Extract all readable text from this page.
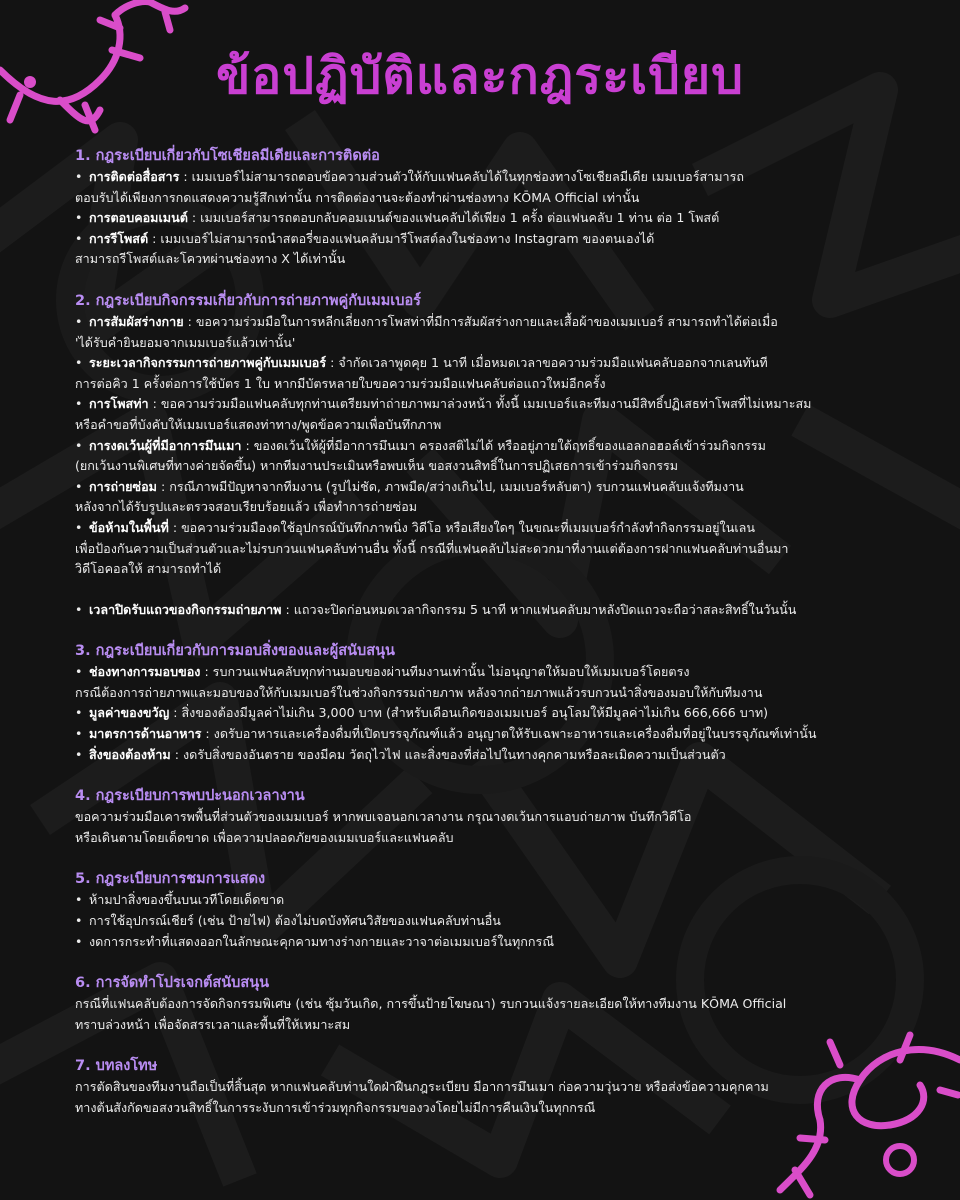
ข้อปฏิบัติและกฎระเบียบ

1. กฎระเบียบเกี่ยวกับโซเชียลมีเดียและการติดต่อ

• การติดต่อสื่อสาร : เมมเบอร์ไม่สามารถตอบข้อความส่วนตัวให้กับแฟนคลับได้ในทุกช่องทางโซเชียลมีเดีย เมมเบอร์สามารถ

ตอบรับได้เพียงการกดแสดงความรู้สึกเท่านั้น การติดต่องานจะต้องทำผ่านช่องทาง KŌMA Official เท่านั้น

• การตอบคอมเมนต์ : เมมเบอร์สามารถตอบกลับคอมเมนต์ของแฟนคลับได้เพียง 1 ครั้ง ต่อแฟนคลับ 1 ท่าน ต่อ 1 โพสต์

• การรีโพสต์ : เมมเบอร์ไม่สามารถนำสตอรี่ของแฟนคลับมารีโพสต์ลงในช่องทาง Instagram ของตนเองได้

สามารถรีโพสต์และโควทผ่านช่องทาง X ได้เท่านั้น

2. กฎระเบียบกิจกรรมเกี่ยวกับการถ่ายภาพคู่กับเมมเบอร์

• การสัมผัสร่างกาย : ขอความร่วมมือในการหลีกเลี่ยงการโพสท่าที่มีการสัมผัสร่างกายและเสื้อผ้าของเมมเบอร์ สามารถทำได้ต่อเมื่อ

'ได้รับคำยินยอมจากเมมเบอร์แล้วเท่านั้น'

• ระยะเวลากิจกรรมการถ่ายภาพคู่กับเมมเบอร์ : จำกัดเวลาพูดคุย 1 นาที เมื่อหมดเวลาขอความร่วมมือแฟนคลับออกจากเลนทันที

การต่อคิว 1 ครั้งต่อการใช้บัตร 1 ใบ หากมีบัตรหลายใบขอความร่วมมือแฟนคลับต่อแถวใหม่อีกครั้ง

• การโพสท่า : ขอความร่วมมือแฟนคลับทุกท่านเตรียมท่าถ่ายภาพมาล่วงหน้า ทั้งนี้ เมมเบอร์และทีมงานมีสิทธิ์ปฏิเสธท่าโพสที่ไม่เหมาะสม

หรือคำขอที่บังคับให้เมมเบอร์แสดงท่าทาง/พูดข้อความเพื่อบันทึกภาพ

• การงดเว้นผู้ที่มีอาการมึนเมา : ของดเว้นให้ผู้ที่มีอาการมึนเมา ครองสติไม่ได้ หรืออยู่ภายใต้ฤทธิ์ของแอลกอฮอล์เข้าร่วมกิจกรรม

(ยกเว้นงานพิเศษที่ทางค่ายจัดขึ้น) หากทีมงานประเมินหรือพบเห็น ขอสงวนสิทธิ์ในการปฏิเสธการเข้าร่วมกิจกรรม

• การถ่ายซ่อม : กรณีภาพมีปัญหาจากทีมงาน (รูปไม่ชัด, ภาพมืด/สว่างเกินไป, เมมเบอร์หลับตา) รบกวนแฟนคลับแจ้งทีมงาน

หลังจากได้รับรูปและตรวจสอบเรียบร้อยแล้ว เพื่อทำการถ่ายซ่อม

• ข้อห้ามในพื้นที่ : ขอความร่วมมืองดใช้อุปกรณ์บันทึกภาพนิ่ง วิดีโอ หรือเสียงใดๆ ในขณะที่เมมเบอร์กำลังทำกิจกรรมอยู่ในเลน

เพื่อป้องกันความเป็นส่วนตัวและไม่รบกวนแฟนคลับท่านอื่น ทั้งนี้ กรณีที่แฟนคลับไม่สะดวกมาที่งานแต่ต้องการฝากแฟนคลับท่านอื่นมา

วิดีโอคอลให้ สามารถทำได้

• เวลาปิดรับแถวของกิจกรรมถ่ายภาพ : แถวจะปิดก่อนหมดเวลากิจกรรม 5 นาที หากแฟนคลับมาหลังปิดแถวจะถือว่าสละสิทธิ์ในวันนั้น

3. กฎระเบียบเกี่ยวกับการมอบสิ่งของและผู้สนับสนุน

• ช่องทางการมอบของ : รบกวนแฟนคลับทุกท่านมอบของผ่านทีมงานเท่านั้น ไม่อนุญาตให้มอบให้เมมเบอร์โดยตรง

กรณีต้องการถ่ายภาพและมอบของให้กับเมมเบอร์ในช่วงกิจกรรมถ่ายภาพ หลังจากถ่ายภาพแล้วรบกวนนำสิ่งของมอบให้กับทีมงาน

• มูลค่าของขวัญ : สิ่งของต้องมีมูลค่าไม่เกิน 3,000 บาท (สำหรับเดือนเกิดของเมมเบอร์ อนุโลมให้มีมูลค่าไม่เกิน 666,666 บาท)

• มาตรการด้านอาหาร : งดรับอาหารและเครื่องดื่มที่เปิดบรรจุภัณฑ์แล้ว อนุญาตให้รับเฉพาะอาหารและเครื่องดื่มที่อยู่ในบรรจุภัณฑ์เท่านั้น

• สิ่งของต้องห้าม : งดรับสิ่งของอันตราย ของมีคม วัตถุไวไฟ และสิ่งของที่ส่อไปในทางคุกคามหรือละเมิดความเป็นส่วนตัว

4. กฎระเบียบการพบปะนอกเวลางาน

ขอความร่วมมือเคารพพื้นที่ส่วนตัวของเมมเบอร์ หากพบเจอนอกเวลางาน กรุณางดเว้นการแอบถ่ายภาพ บันทึกวิดีโอ

หรือเดินตามโดยเด็ดขาด เพื่อความปลอดภัยของเมมเบอร์และแฟนคลับ

5. กฎระเบียบการชมการแสดง

• ห้ามปาสิ่งของขึ้นบนเวทีโดยเด็ดขาด

• การใช้อุปกรณ์เชียร์ (เช่น ป้ายไฟ) ต้องไม่บดบังทัศนวิสัยของแฟนคลับท่านอื่น

• งดการกระทำที่แสดงออกในลักษณะคุกคามทางร่างกายและวาจาต่อเมมเบอร์ในทุกกรณี

6. การจัดทำโปรเจกต์สนับสนุน

กรณีที่แฟนคลับต้องการจัดกิจกรรมพิเศษ (เช่น ซุ้มวันเกิด, การขึ้นป้ายโฆษณา) รบกวนแจ้งรายละเอียดให้ทางทีมงาน KŌMA Official

ทราบล่วงหน้า เพื่อจัดสรรเวลาและพื้นที่ให้เหมาะสม

7. บทลงโทษ

การตัดสินของทีมงานถือเป็นที่สิ้นสุด หากแฟนคลับท่านใดฝ่าฝืนกฎระเบียบ มีอาการมึนเมา ก่อความวุ่นวาย หรือส่งข้อความคุกคาม

ทางต้นสังกัดขอสงวนสิทธิ์ในการระงับการเข้าร่วมทุกกิจกรรมของวงโดยไม่มีการคืนเงินในทุกกรณี
